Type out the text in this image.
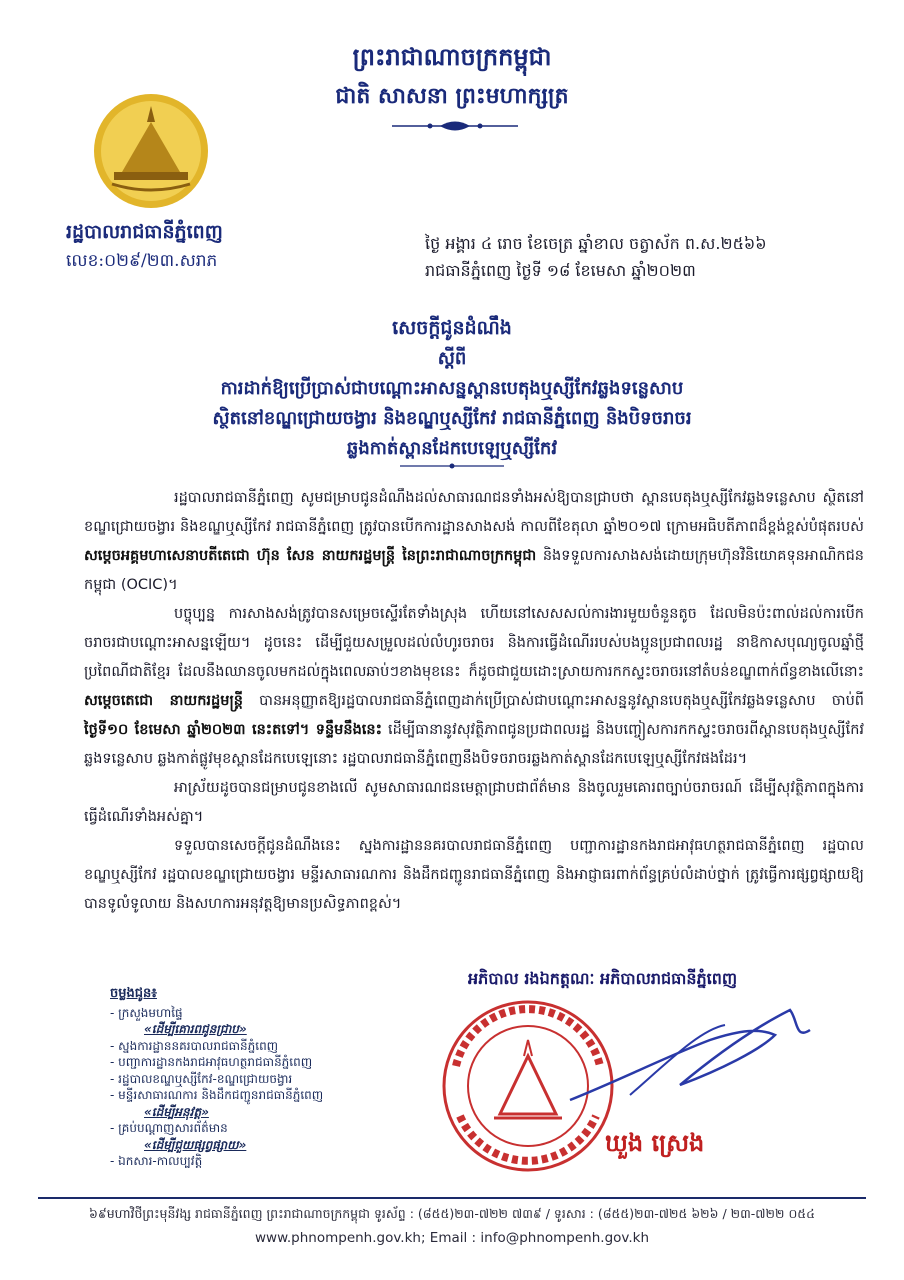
ព្រះរាជាណាចក្រកម្ពុជា
ជាតិ សាសនា ព្រះមហាក្សត្រ
រដ្ឋបាលរាជធានីភ្នំពេញ
លេខ:០២៩/២៣.សរាភ
ថ្ងៃ អង្គារ ៤ រោច ខែចេត្រ ឆ្នាំខាល ចត្វាស័ក ព.ស.២៥៦៦
រាជធានីភ្នំពេញ ថ្ងៃទី ១៨ ខែមេសា ឆ្នាំ២០២៣
សេចក្ដីជូនដំណឹង
ស្ដីពី
ការដាក់ឱ្យប្រើប្រាស់ជាបណ្ដោះអាសន្នស្ពានបេតុងឬស្សីកែវឆ្លងទន្លេសាប
ស្ថិតនៅខណ្ឌជ្រោយចង្វារ និងខណ្ឌឬស្សីកែវ រាជធានីភ្នំពេញ និងបិទចរាចរ
ឆ្លងកាត់ស្ពានដែកបេឡេឬស្សីកែវ

រដ្ឋបាលរាជធានីភ្នំពេញ សូមជម្រាបជូនដំណឹងដល់សាធារណជនទាំងអស់ឱ្យបានជ្រាបថា ស្ពានបេតុងឬស្សីកែវឆ្លងទន្លេសាប ស្ថិតនៅខណ្ឌជ្រោយចង្វារ និងខណ្ឌឬស្សីកែវ រាជធានីភ្នំពេញ ត្រូវបានបើកការដ្ឋានសាងសង់ កាលពីខែតុលា ឆ្នាំ២០១៧ ក្រោមអធិបតីភាពដ៏ខ្ពង់ខ្ពស់បំផុតរបស់ សម្ដេចអគ្គមហាសេនាបតីតេជោ ហ៊ុន សែន នាយករដ្ឋមន្ត្រី នៃព្រះរាជាណាចក្រកម្ពុជា និងទទួលការសាងសង់ដោយក្រុមហ៊ុនវិនិយោគទុនអាណិកជនកម្ពុជា (OCIC)។

បច្ចុប្បន្ន ការសាងសង់ត្រូវបានសម្រេចស្ទើរតែទាំងស្រុង ហើយនៅសេសសល់ការងារមួយចំនួនតូច ដែលមិនប៉ះពាល់ដល់ការបើកចរាចរជាបណ្ដោះអាសន្នឡើយ។ ដូចនេះ ដើម្បីជួយសម្រួលដល់លំហូរចរាចរ និងការធ្វើដំណើររបស់បងប្អូនប្រជាពលរដ្ឋ នាឱកាសបុណ្យចូលឆ្នាំថ្មី ប្រពៃណីជាតិខ្មែរ ដែលនឹងឈានចូលមកដល់ក្នុងពេលឆាប់ៗខាងមុខនេះ ក៏ដូចជាជួយដោះស្រាយការកកស្ទះចរាចរនៅតំបន់ខណ្ឌពាក់ព័ន្ធខាងលើនោះ សម្ដេចតេជោ នាយករដ្ឋមន្ត្រី បានអនុញ្ញាតឱ្យរដ្ឋបាលរាជធានីភ្នំពេញដាក់ប្រើប្រាស់ជាបណ្ដោះអាសន្ននូវស្ពានបេតុងឬស្សីកែវឆ្លងទន្លេសាប ចាប់ពី ថ្ងៃទី១០ ខែមេសា ឆ្នាំ២០២៣ នេះតទៅ។ ទន្ទឹមនឹងនេះ ដើម្បីធានានូវសុវត្ថិភាពជូនប្រជាពលរដ្ឋ និងបញ្ចៀសការកកស្ទះចរាចរពីស្ពានបេតុងឬស្សីកែវឆ្លងទន្លេសាប ឆ្លងកាត់ផ្លូវមុខស្ពានដែកបេឡេនោះ រដ្ឋបាលរាជធានីភ្នំពេញនឹងបិទចរាចរឆ្លងកាត់ស្ពានដែកបេឡេឬស្សីកែវផងដែរ។

អាស្រ័យដូចបានជម្រាបជូនខាងលើ សូមសាធារណជនមេត្តាជ្រាបជាព័ត៌មាន និងចូលរួមគោរពច្បាប់ចរាចរណ៍ ដើម្បីសុវត្ថិភាពក្នុងការធ្វើដំណើរទាំងអស់គ្នា។

ទទួលបានសេចក្ដីជូនដំណឹងនេះ ស្នងការដ្ឋាននគរបាលរាជធានីភ្នំពេញ បញ្ជាការដ្ឋានកងរាជអាវុធហត្ថរាជធានីភ្នំពេញ រដ្ឋបាលខណ្ឌឬស្សីកែវ រដ្ឋបាលខណ្ឌជ្រោយចង្វារ មន្ទីរសាធារណការ និងដឹកជញ្ជូនរាជធានីភ្នំពេញ និងអាជ្ញាធរពាក់ព័ន្ធគ្រប់លំដាប់ថ្នាក់ ត្រូវធ្វើការផ្សព្វផ្សាយឱ្យបានទូលំទូលាយ និងសហការអនុវត្តឱ្យមានប្រសិទ្ធភាពខ្ពស់។

ចម្លងជូន៖
- ក្រសួងមហាផ្ទៃ
«ដើម្បីគោរពជូនជ្រាប»
- ស្នងការដ្ឋាននគរបាលរាជធានីភ្នំពេញ
- បញ្ជាការដ្ឋានកងរាជអាវុធហត្ថរាជធានីភ្នំពេញ
- រដ្ឋបាលខណ្ឌឬស្សីកែវ-ខណ្ឌជ្រោយចង្វារ
- មន្ទីរសាធារណការ និងដឹកជញ្ជូនរាជធានីភ្នំពេញ
«ដើម្បីអនុវត្ត»
- គ្រប់បណ្ដាញសារព័ត៌មាន
«ដើម្បីជួយផ្សព្វផ្សាយ»
- ឯកសារ-កាលប្បវត្តិ
អភិបាល រងឯកត្តណៈ អភិបាលរាជធានីភ្នំពេញ
ឃួង ស្រេង
៦៩មហាវិថីព្រះមុនីវង្ស រាជធានីភ្នំពេញ ព្រះរាជាណាចក្រកម្ពុជា ទូរស័ព្ទ : (៨៥៥)២៣-៧២២ ៧៣៩ / ទូរសារ : (៨៥៥)២៣-៧២៥ ៦២៦ / ២៣-៧២២ ០៥៤
www.phnompenh.gov.kh; Email : info@phnompenh.gov.kh
